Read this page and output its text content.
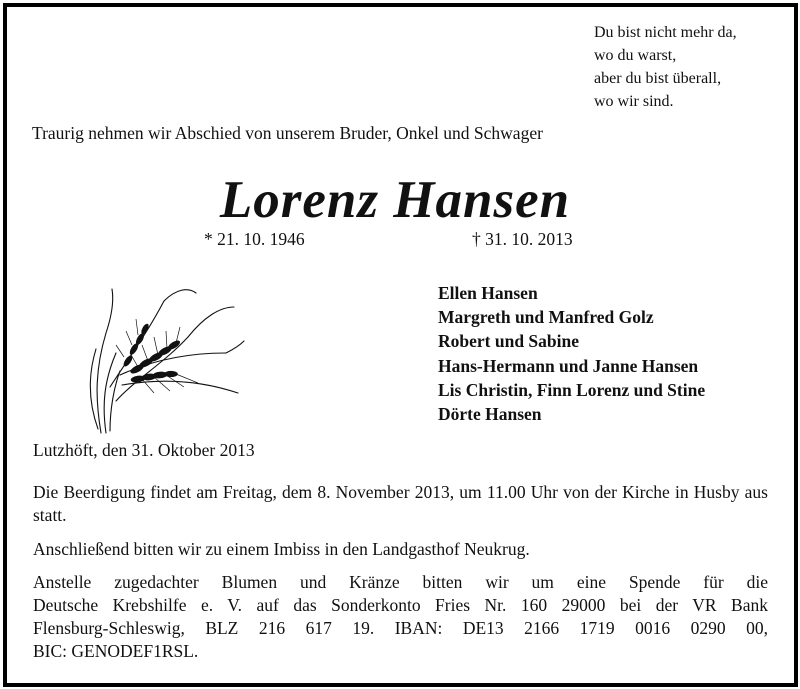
Du bist nicht mehr da,
wo du warst,
aber du bist überall,
wo wir sind.
Traurig nehmen wir Abschied von unserem Bruder, Onkel und Schwager
Lorenz Hansen
* 21. 10. 1946	† 31. 10. 2013
Ellen Hansen
Margreth und Manfred Golz
Robert und Sabine
Hans-Hermann und Janne Hansen
Lis Christin, Finn Lorenz und Stine
Dörte Hansen
Lutzhöft, den 31. Oktober 2013
Die Beerdigung findet am Freitag, dem 8. November 2013, um 11.00 Uhr von der Kirche in Husby aus statt.
Anschließend bitten wir zu einem Imbiss in den Landgasthof Neukrug.
Anstelle zugedachter Blumen und Kränze bitten wir um eine Spende für die
Deutsche Krebshilfe e. V. auf das Sonderkonto Fries Nr. 160 29000 bei der VR Bank
Flensburg-Schleswig, BLZ 216 617 19. IBAN: DE13 2166 1719 0016 0290 00,
BIC: GENODEF1RSL.
